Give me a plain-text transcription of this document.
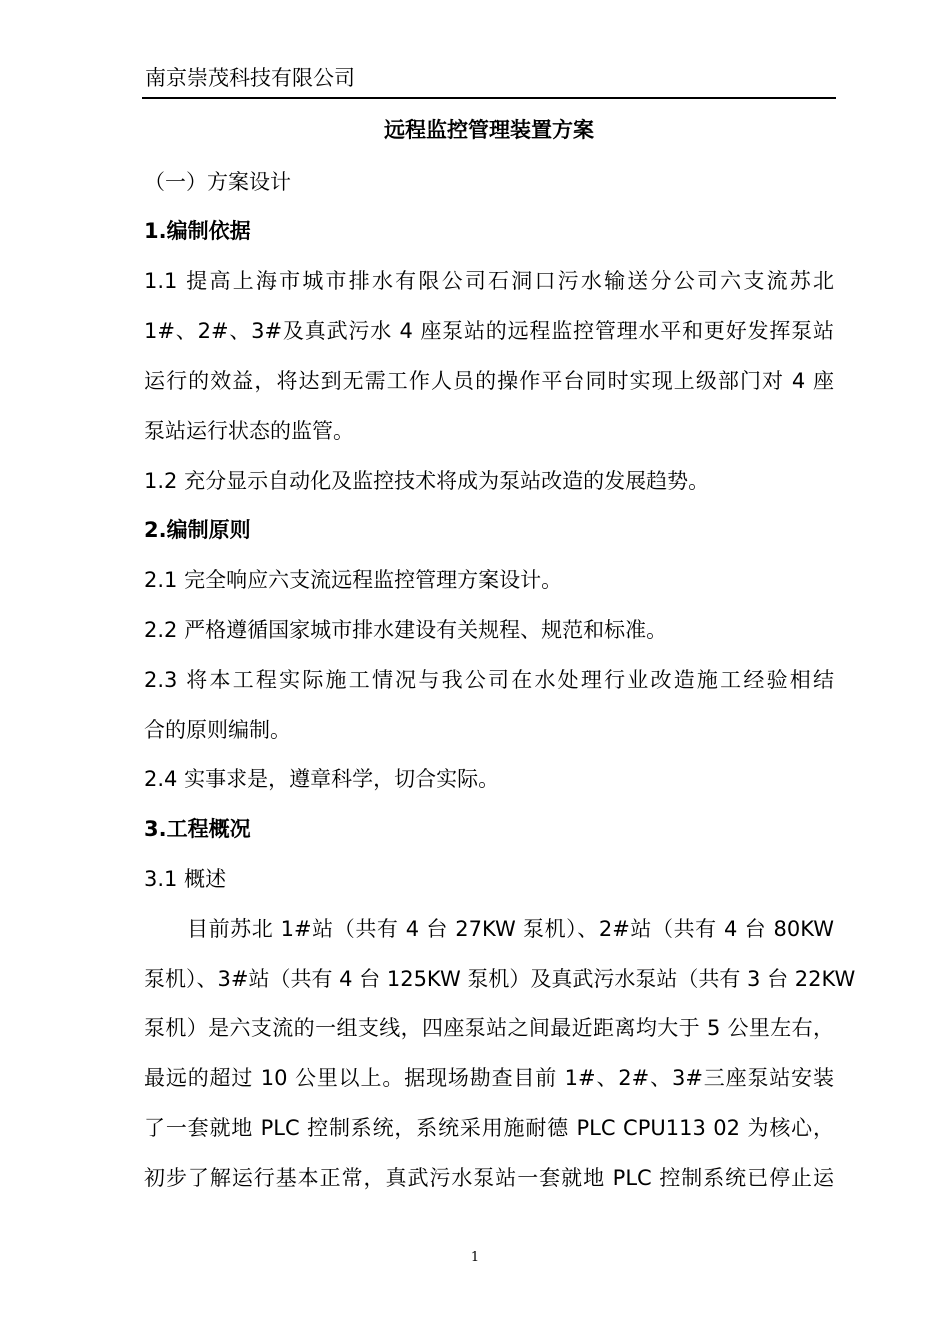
南京崇茂科技有限公司
远程监控管理装置方案
（一）方案设计
1.编制依据
1.1 提高上海市城市排水有限公司石洞口污水输送分公司六支流苏北
1#、2#、3#及真武污水 4 座泵站的远程监控管理水平和更好发挥泵站
运行的效益，将达到无需工作人员的操作平台同时实现上级部门对 4 座
泵站运行状态的监管。
1.2 充分显示自动化及监控技术将成为泵站改造的发展趋势。
2.编制原则
2.1 完全响应六支流远程监控管理方案设计。
2.2 严格遵循国家城市排水建设有关规程、规范和标准。
2.3 将本工程实际施工情况与我公司在水处理行业改造施工经验相结
合的原则编制。
2.4 实事求是，遵章科学，切合实际。
3.工程概况
3.1 概述
目前苏北 1#站（共有 4 台 27KW 泵机）、2#站（共有 4 台 80KW
泵机）、3#站（共有 4 台 125KW 泵机）及真武污水泵站（共有 3 台 22KW
泵机）是六支流的一组支线，四座泵站之间最近距离均大于 5 公里左右，
最远的超过 10 公里以上。据现场勘查目前 1#、2#、3#三座泵站安装
了一套就地 PLC 控制系统，系统采用施耐德 PLC CPU113 02 为核心，
初步了解运行基本正常，真武污水泵站一套就地 PLC 控制系统已停止运
1
